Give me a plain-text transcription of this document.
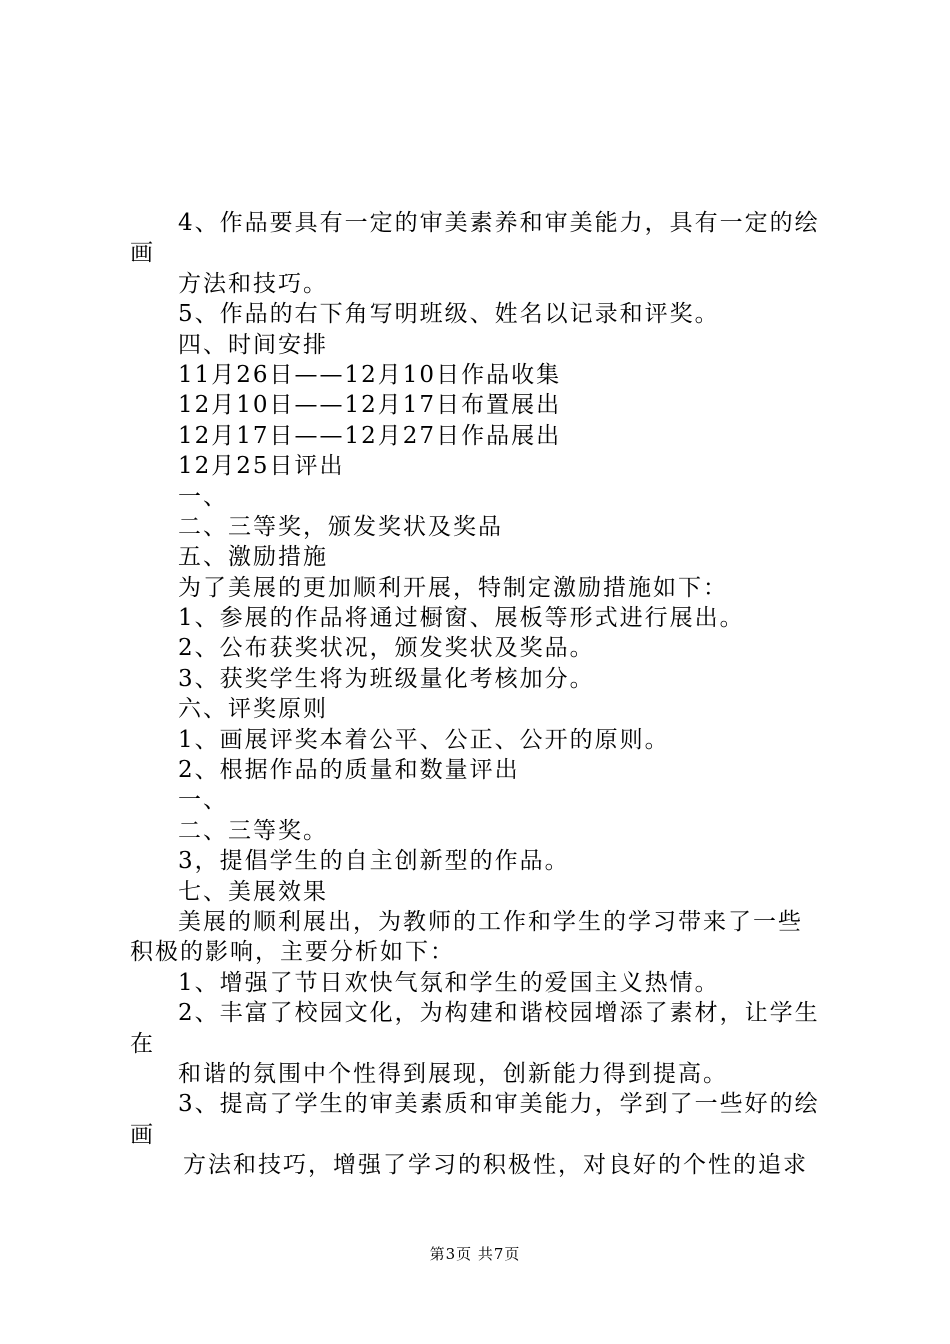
4、作品要具有一定的审美素养和审美能力，具有一定的绘
画
方法和技巧。
5、作品的右下角写明班级、姓名以记录和评奖。
四、时间安排
11月26日——12月10日作品收集
12月10日——12月17日布置展出
12月17日——12月27日作品展出
12月25日评出
一、
二、三等奖，颁发奖状及奖品
五、激励措施
为了美展的更加顺利开展，特制定激励措施如下：
1、参展的作品将通过橱窗、展板等形式进行展出。
2、公布获奖状况，颁发奖状及奖品。
3、获奖学生将为班级量化考核加分。
六、评奖原则
1、画展评奖本着公平、公正、公开的原则。
2、根据作品的质量和数量评出
一、
二、三等奖。
3，提倡学生的自主创新型的作品。
七、美展效果
美展的顺利展出，为教师的工作和学生的学习带来了一些
积极的影响，主要分析如下：
1、增强了节日欢快气氛和学生的爱国主义热情。
2、丰富了校园文化，为构建和谐校园增添了素材，让学生
在
和谐的氛围中个性得到展现，创新能力得到提高。
3、提高了学生的审美素质和审美能力，学到了一些好的绘
画
方法和技巧，增强了学习的积极性，对良好的个性的追求
第3页 共7页
